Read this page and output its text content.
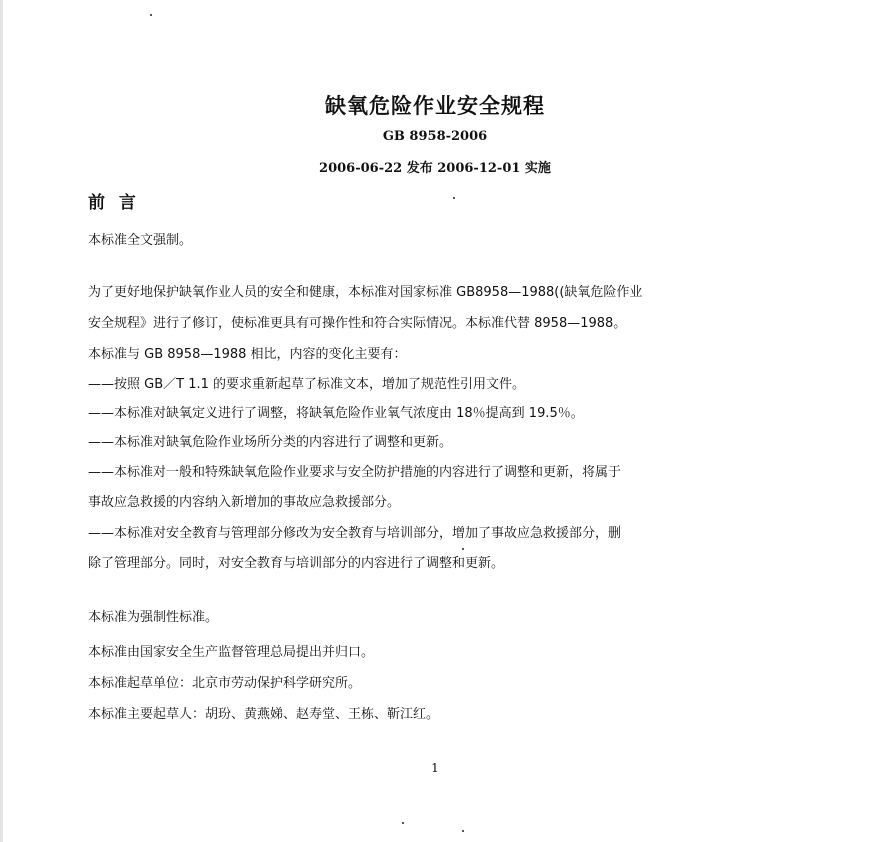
缺氧危险作业安全规程
GB 8958-2006
2006-06-22 发布 2006-12-01 实施
前 言
本标准全文强制。
为了更好地保护缺氧作业人员的安全和健康，本标准对国家标准 GB8958—1988((缺氧危险作业
安全规程》进行了修订，使标准更具有可操作性和符合实际情况。本标准代替 8958—1988。
本标准与 GB 8958—1988 相比，内容的变化主要有：
——按照 GB／T 1.1 的要求重新起草了标准文本，增加了规范性引用文件。
——本标准对缺氧定义进行了调整，将缺氧危险作业氧气浓度由 18％提高到 19.5％。
——本标准对缺氧危险作业场所分类的内容进行了调整和更新。
——本标准对一般和特殊缺氧危险作业要求与安全防护措施的内容进行了调整和更新，将属于
事故应急救援的内容纳入新增加的事故应急救援部分。
——本标准对安全教育与管理部分修改为安全教育与培训部分，增加了事故应急救援部分，删
除了管理部分。同时，对安全教育与培训部分的内容进行了调整和更新。
本标准为强制性标准。
本标准由国家安全生产监督管理总局提出并归口。
本标准起草单位：北京市劳动保护科学研究所。
本标准主要起草人：胡玢、黄燕娣、赵寿堂、王栋、靳江红。
1
